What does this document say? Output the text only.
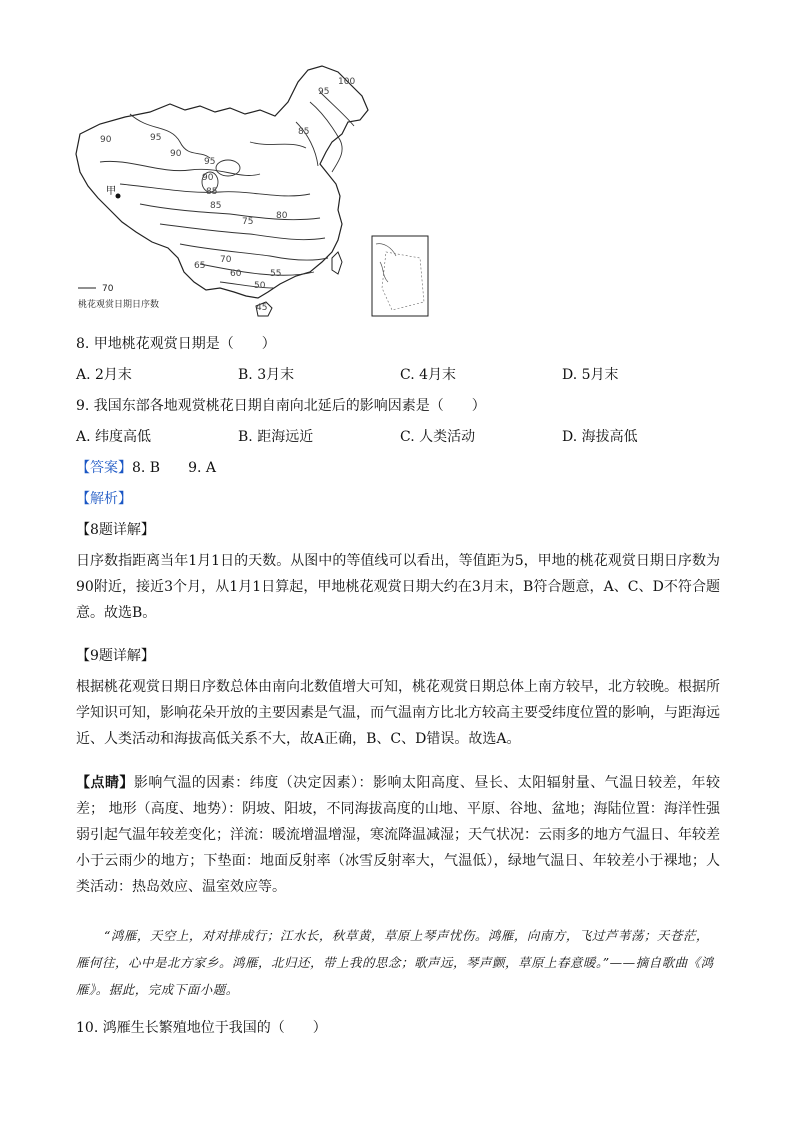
100
95
90	95
90
85
95
90
85
85
80
75
70
65
60	55
50
45
甲
70
桃花观赏日期日序数
8. 甲地桃花观赏日期是（　　）
A. 2月末	B. 3月末	C. 4月末	D. 5月末
9. 我国东部各地观赏桃花日期自南向北延后的影响因素是（　　）
A. 纬度高低	B. 距海远近	C. 人类活动	D. 海拔高低
【答案】8. B　　9. A
【解析】
【8题详解】

日序数指距离当年1月1日的天数。从图中的等值线可以看出，等值距为5，甲地的桃花观赏日期日序数为90附近，接近3个月，从1月1日算起，甲地桃花观赏日期大约在3月末，B符合题意，A、C、D不符合题意。故选B。

【9题详解】

根据桃花观赏日期日序数总体由南向北数值增大可知，桃花观赏日期总体上南方较早，北方较晚。根据所学知识可知，影响花朵开放的主要因素是气温，而气温南方比北方较高主要受纬度位置的影响，与距海远近、人类活动和海拔高低关系不大，故A正确，B、C、D错误。故选A。

【点睛】影响气温的因素：纬度（决定因素）：影响太阳高度、昼长、太阳辐射量、气温日较差，年较差； 地形（高度、地势）：阴坡、阳坡，不同海拔高度的山地、平原、谷地、盆地；海陆位置：海洋性强弱引起气温年较差变化；洋流：暖流增温增湿，寒流降温减湿；天气状况：云雨多的地方气温日、年较差小于云雨少的地方；下垫面：地面反射率（冰雪反射率大，气温低），绿地气温日、年较差小于裸地；人类活动：热岛效应、温室效应等。

“鸿雁，天空上，对对排成行；江水长，秋草黄，草原上琴声忧伤。鸿雁，向南方，飞过芦苇荡；天苍茫，雁何往，心中是北方家乡。鸿雁，北归还，带上我的思念；歌声远，琴声颤，草原上春意暖。”——摘自歌曲《鸿雁》。据此，完成下面小题。

10. 鸿雁生长繁殖地位于我国的（　　）
